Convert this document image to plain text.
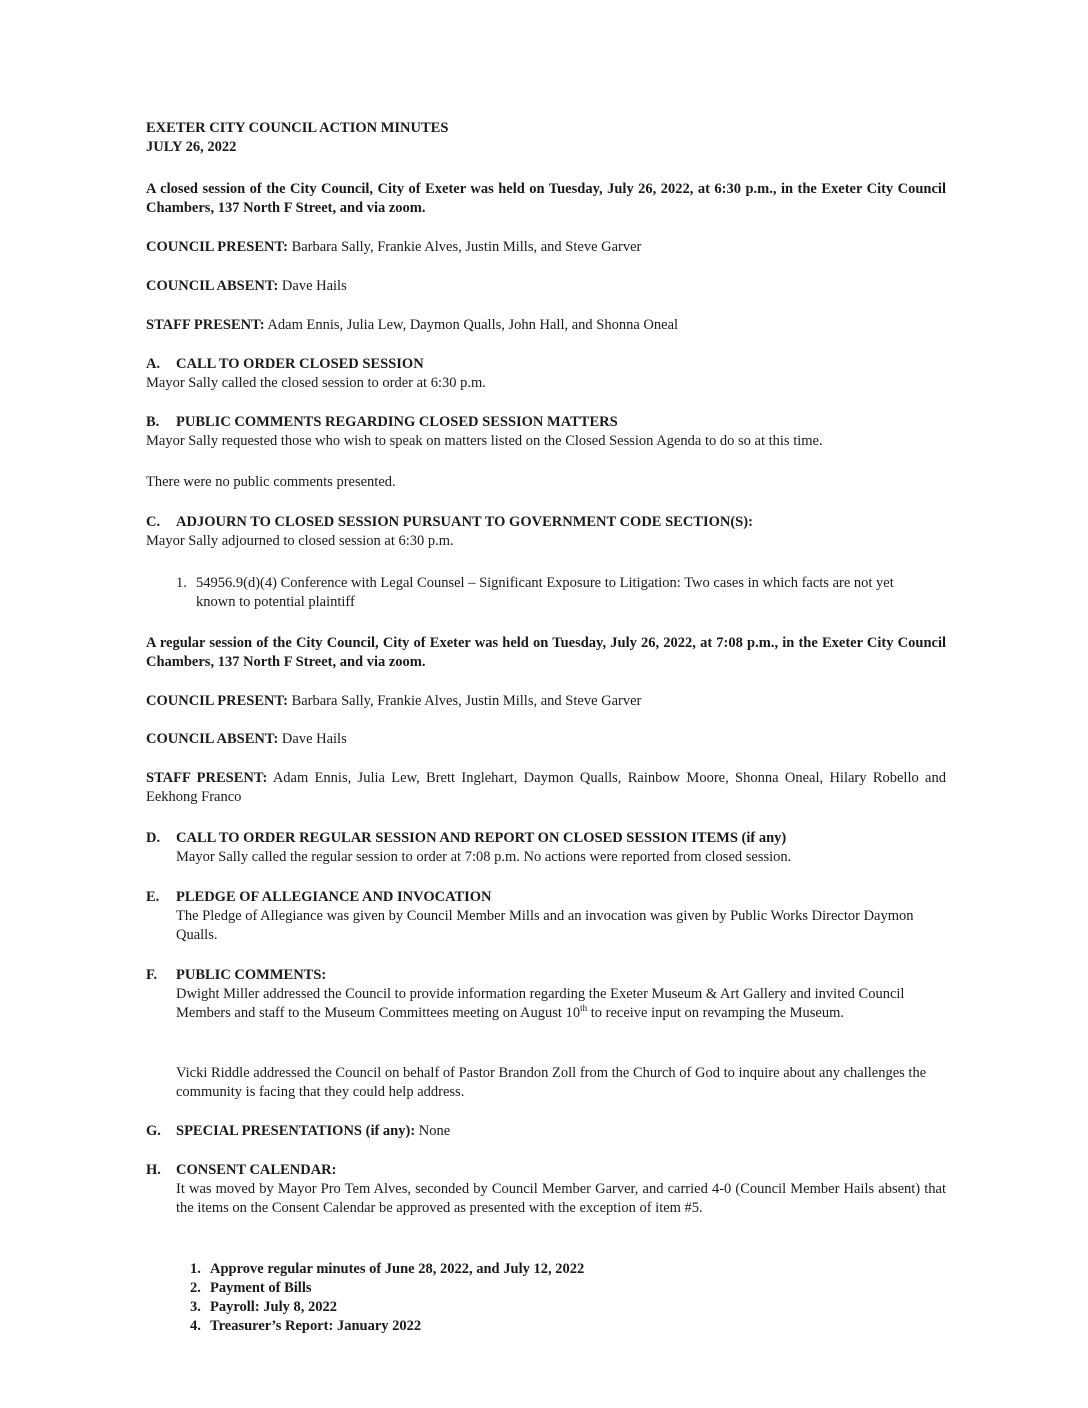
EXETER CITY COUNCIL ACTION MINUTES
JULY 26, 2022

A closed session of the City Council, City of Exeter was held on Tuesday, July 26, 2022, at 6:30 p.m., in the Exeter City Council Chambers, 137 North F Street, and via zoom.

COUNCIL PRESENT: Barbara Sally, Frankie Alves, Justin Mills, and Steve Garver

COUNCIL ABSENT: Dave Hails

STAFF PRESENT: Adam Ennis, Julia Lew, Daymon Qualls, John Hall, and Shonna Oneal

A. CALL TO ORDER CLOSED SESSION
Mayor Sally called the closed session to order at 6:30 p.m.

B. PUBLIC COMMENTS REGARDING CLOSED SESSION MATTERS
Mayor Sally requested those who wish to speak on matters listed on the Closed Session Agenda to do so at this time.

There were no public comments presented.

C. ADJOURN TO CLOSED SESSION PURSUANT TO GOVERNMENT CODE SECTION(S):
Mayor Sally adjourned to closed session at 6:30 p.m.

1. 54956.9(d)(4) Conference with Legal Counsel – Significant Exposure to Litigation: Two cases in which facts are not yet known to potential plaintiff

A regular session of the City Council, City of Exeter was held on Tuesday, July 26, 2022, at 7:08 p.m., in the Exeter City Council Chambers, 137 North F Street, and via zoom.

COUNCIL PRESENT: Barbara Sally, Frankie Alves, Justin Mills, and Steve Garver

COUNCIL ABSENT: Dave Hails

STAFF PRESENT: Adam Ennis, Julia Lew, Brett Inglehart, Daymon Qualls, Rainbow Moore, Shonna Oneal, Hilary Robello and Eekhong Franco

D. CALL TO ORDER REGULAR SESSION AND REPORT ON CLOSED SESSION ITEMS (if any)
Mayor Sally called the regular session to order at 7:08 p.m. No actions were reported from closed session.

E. PLEDGE OF ALLEGIANCE AND INVOCATION

The Pledge of Allegiance was given by Council Member Mills and an invocation was given by Public Works Director Daymon Qualls.

F. PUBLIC COMMENTS:

Dwight Miller addressed the Council to provide information regarding the Exeter Museum & Art Gallery and invited Council Members and staff to the Museum Committees meeting on August 10th to receive input on revamping the Museum.

Vicki Riddle addressed the Council on behalf of Pastor Brandon Zoll from the Church of God to inquire about any challenges the community is facing that they could help address.

G. SPECIAL PRESENTATIONS (if any): None

H. CONSENT CALENDAR:

It was moved by Mayor Pro Tem Alves, seconded by Council Member Garver, and carried 4-0 (Council Member Hails absent) that the items on the Consent Calendar be approved as presented with the exception of item #5.

1. Approve regular minutes of June 28, 2022, and July 12, 2022

2. Payment of Bills

3. Payroll: July 8, 2022

4. Treasurer’s Report: January 2022
